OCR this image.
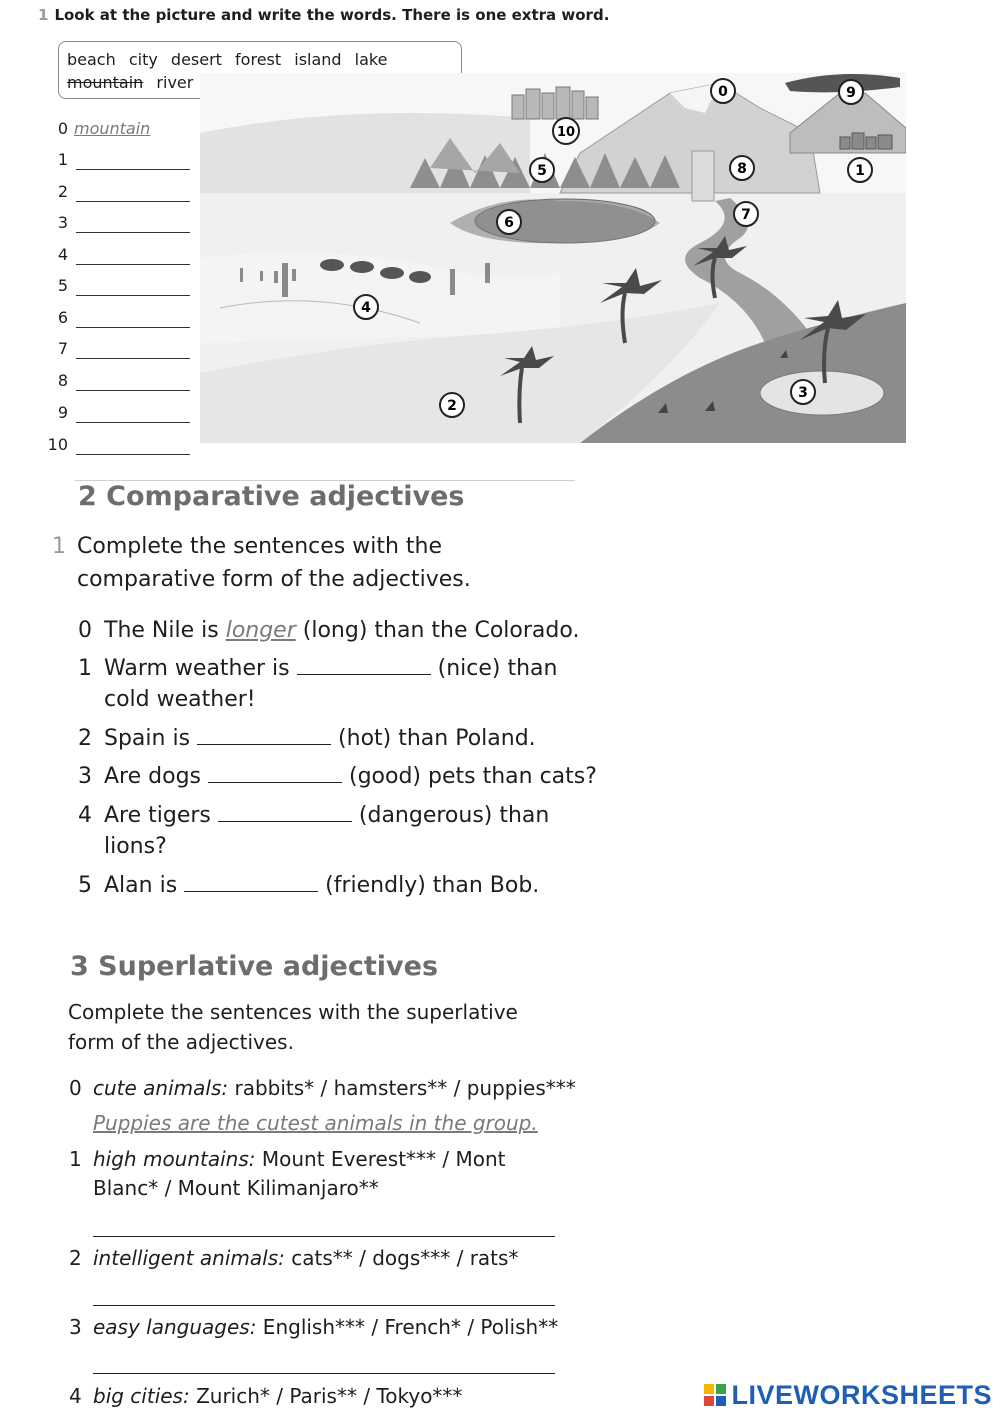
1 Look at the picture and write the words. There is one extra word.
beach city desert forest island lake
mountain river
0 mountain
1
2
3
4
5
6
7
8
9
10
0	9
10
5	8	1
6	7
4
2
3
2 Comparative adjectives
1 Complete the sentences with the
comparative form of the adjectives.
0 The Nile is longer (long) than the Colorado.
1 Warm weather is	(nice) than
cold weather!
2 Spain is	(hot) than Poland.
3 Are dogs	(good) pets than cats?
4 Are tigers	(dangerous) than
lions?
5 Alan is	(friendly) than Bob.
3 Superlative adjectives
Complete the sentences with the superlative
form of the adjectives.
0 cute animals: rabbits* / hamsters** / puppies***
Puppies are the cutest animals in the group.
1 high mountains: Mount Everest*** / Mont
Blanc* / Mount Kilimanjaro**
2 intelligent animals: cats** / dogs*** / rats*
3 easy languages: English*** / French* / Polish**
4 big cities: Zurich* / Paris** / Tokyo***	LIVEWORKSHEETS
